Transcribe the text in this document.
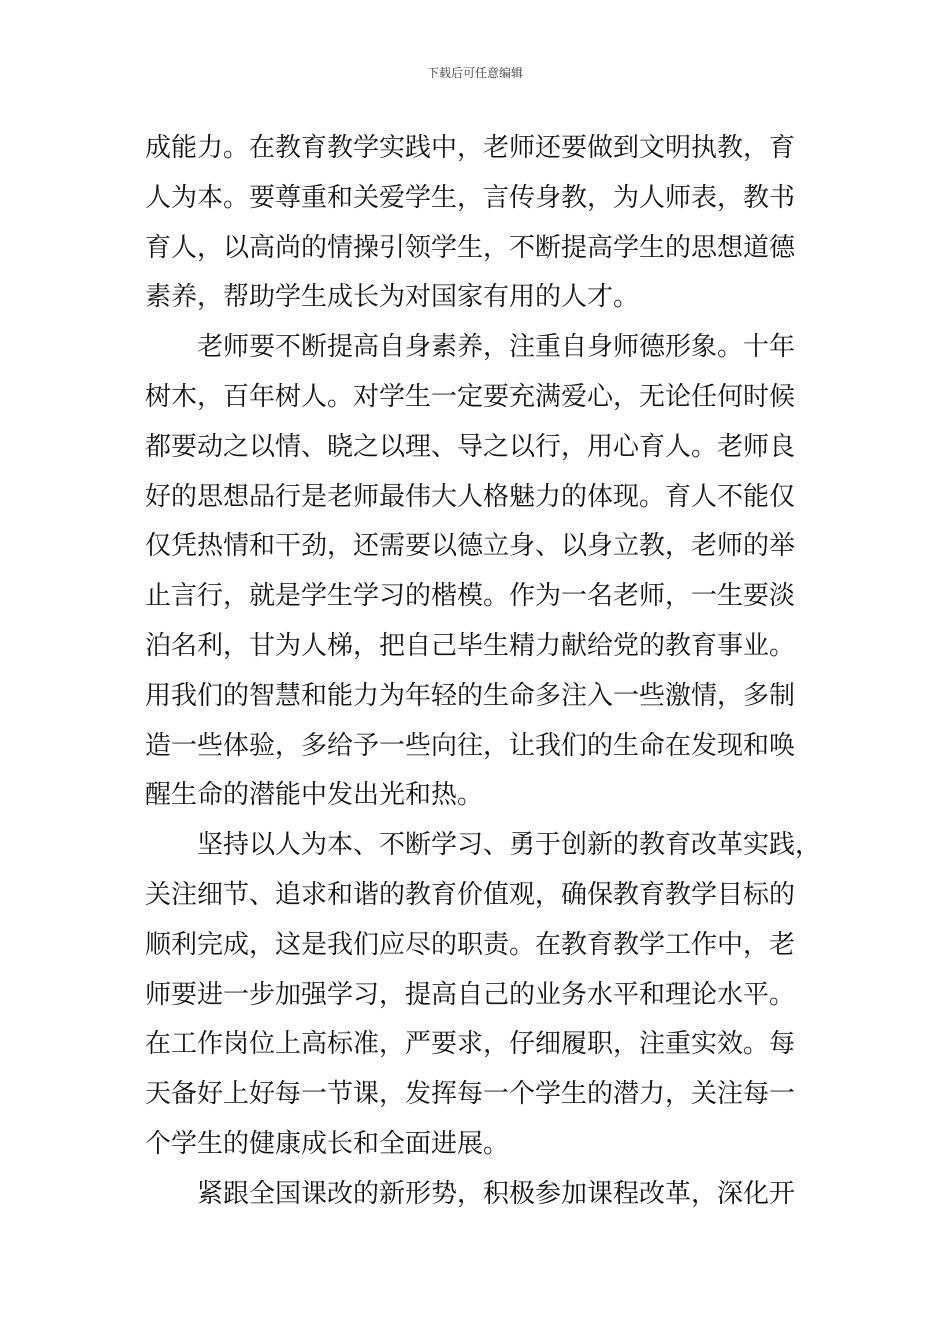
下载后可任意编辑
成能力。在教育教学实践中，老师还要做到文明执教，育
人为本。要尊重和关爱学生，言传身教，为人师表，教书
育人，以高尚的情操引领学生，不断提高学生的思想道德
素养，帮助学生成长为对国家有用的人才。
老师要不断提高自身素养，注重自身师德形象。十年
树木，百年树人。对学生一定要充满爱心，无论任何时候
都要动之以情、晓之以理、导之以行，用心育人。老师良
好的思想品行是老师最伟大人格魅力的体现。育人不能仅
仅凭热情和干劲，还需要以德立身、以身立教，老师的举
止言行，就是学生学习的楷模。作为一名老师，一生要淡
泊名利，甘为人梯，把自己毕生精力献给党的教育事业。
用我们的智慧和能力为年轻的生命多注入一些激情，多制
造一些体验，多给予一些向往，让我们的生命在发现和唤
醒生命的潜能中发出光和热。
坚持以人为本、不断学习、勇于创新的教育改革实践，
关注细节、追求和谐的教育价值观，确保教育教学目标的
顺利完成，这是我们应尽的职责。在教育教学工作中，老
师要进一步加强学习，提高自己的业务水平和理论水平。
在工作岗位上高标准，严要求，仔细履职，注重实效。每
天备好上好每一节课，发挥每一个学生的潜力，关注每一
个学生的健康成长和全面进展。
紧跟全国课改的新形势，积极参加课程改革，深化开
